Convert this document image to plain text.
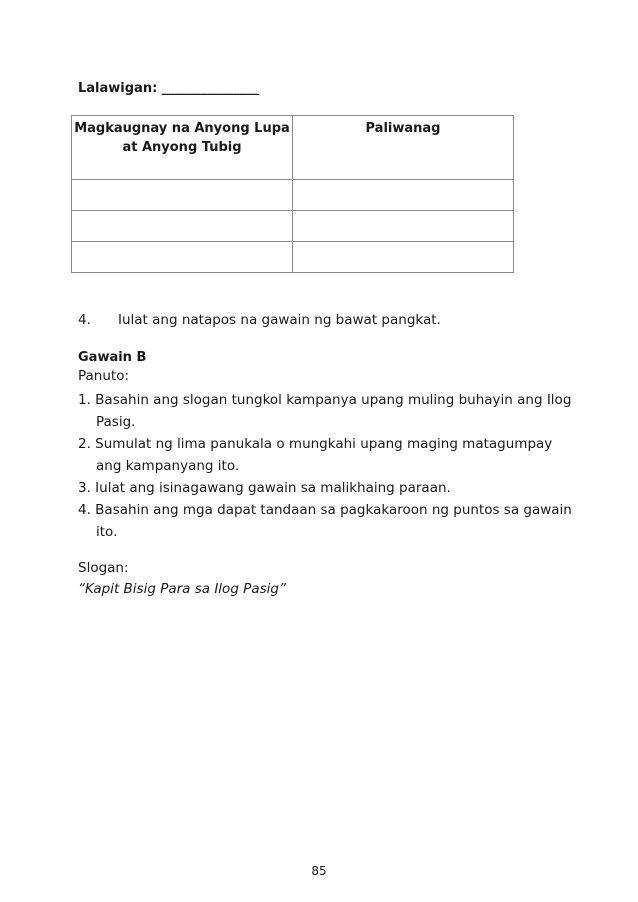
Lalawigan: _______________
Magkaugnay na Anyong Lupa at Anyong Tubig	Paliwanag

4. Iulat ang natapos na gawain ng bawat pangkat.
Gawain B
Panuto:
1. Basahin ang slogan tungkol kampanya upang muling buhayin ang Ilog Pasig.
2. Sumulat ng lima panukala o mungkahi upang maging matagumpay ang kampanyang ito.
3. Iulat ang isinagawang gawain sa malikhaing paraan.
4. Basahin ang mga dapat tandaan sa pagkakaroon ng puntos sa gawain ito.
Slogan:
“Kapit Bisig Para sa Ilog Pasig”
85
